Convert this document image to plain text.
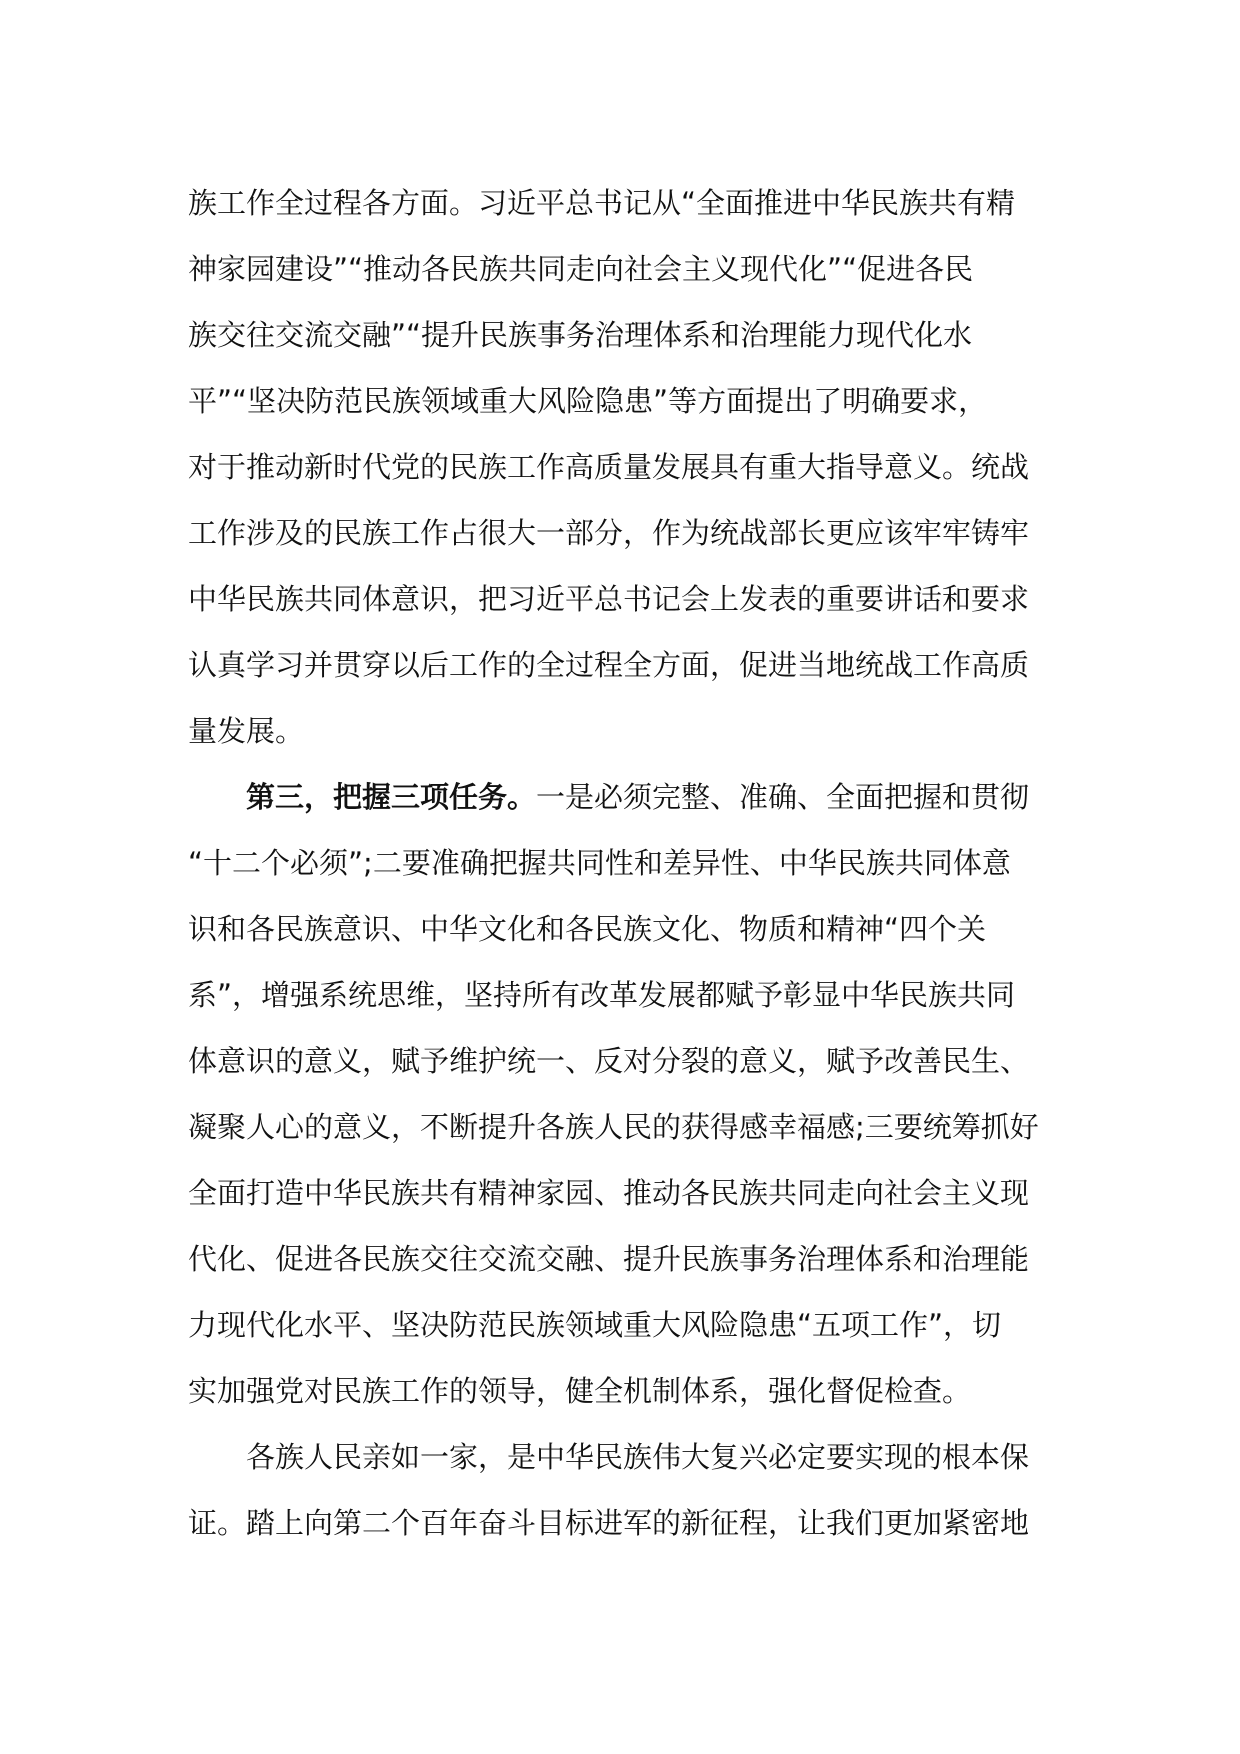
族工作全过程各方面。习近平总书记从“全面推进中华民族共有精
神家园建设”“推动各民族共同走向社会主义现代化”“促进各民
族交往交流交融”“提升民族事务治理体系和治理能力现代化水
平”“坚决防范民族领域重大风险隐患”等方面提出了明确要求，
对于推动新时代党的民族工作高质量发展具有重大指导意义。统战
工作涉及的民族工作占很大一部分，作为统战部长更应该牢牢铸牢
中华民族共同体意识，把习近平总书记会上发表的重要讲话和要求
认真学习并贯穿以后工作的全过程全方面，促进当地统战工作高质
量发展。
第三，把握三项任务。一是必须完整、准确、全面把握和贯彻
“十二个必须”;二要准确把握共同性和差异性、中华民族共同体意
识和各民族意识、中华文化和各民族文化、物质和精神“四个关
系”，增强系统思维，坚持所有改革发展都赋予彰显中华民族共同
体意识的意义，赋予维护统一、反对分裂的意义，赋予改善民生、
凝聚人心的意义，不断提升各族人民的获得感幸福感;三要统筹抓好
全面打造中华民族共有精神家园、推动各民族共同走向社会主义现
代化、促进各民族交往交流交融、提升民族事务治理体系和治理能
力现代化水平、坚决防范民族领域重大风险隐患“五项工作”，切
实加强党对民族工作的领导，健全机制体系，强化督促检查。
各族人民亲如一家，是中华民族伟大复兴必定要实现的根本保
证。踏上向第二个百年奋斗目标进军的新征程，让我们更加紧密地
